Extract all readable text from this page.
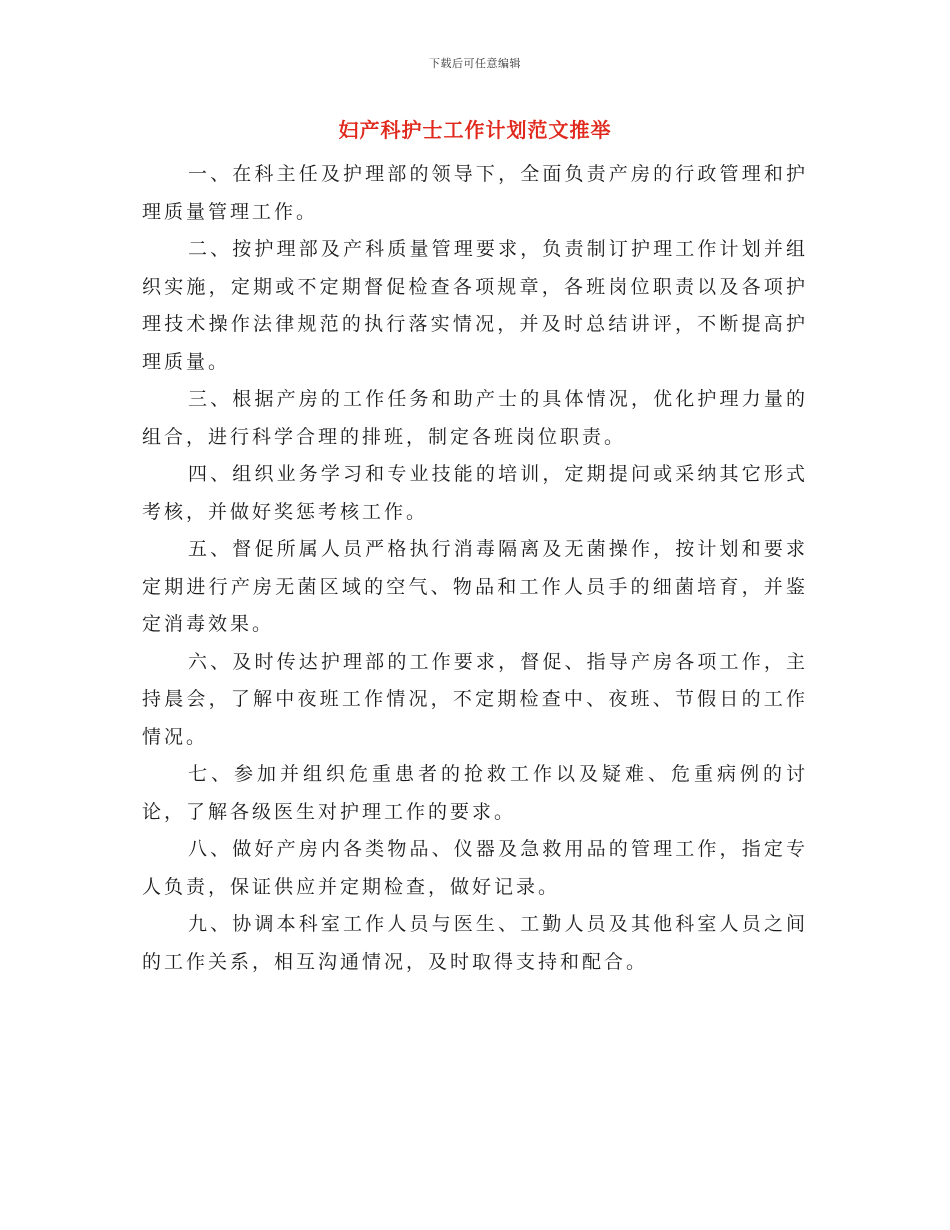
下载后可任意编辑
妇产科护士工作计划范文推举

一、在科主任及护理部的领导下，全面负责产房的行政管理和护理质量管理工作。

二、按护理部及产科质量管理要求，负责制订护理工作计划并组织实施，定期或不定期督促检查各项规章，各班岗位职责以及各项护理技术操作法律规范的执行落实情况，并及时总结讲评，不断提高护理质量。

三、根据产房的工作任务和助产士的具体情况，优化护理力量的组合，进行科学合理的排班，制定各班岗位职责。

四、组织业务学习和专业技能的培训，定期提问或采纳其它形式考核，并做好奖惩考核工作。

五、督促所属人员严格执行消毒隔离及无菌操作，按计划和要求定期进行产房无菌区域的空气、物品和工作人员手的细菌培育，并鉴定消毒效果。

六、及时传达护理部的工作要求，督促、指导产房各项工作，主持晨会，了解中夜班工作情况，不定期检查中、夜班、节假日的工作情况。

七、参加并组织危重患者的抢救工作以及疑难、危重病例的讨论，了解各级医生对护理工作的要求。

八、做好产房内各类物品、仪器及急救用品的管理工作，指定专人负责，保证供应并定期检查，做好记录。

九、协调本科室工作人员与医生、工勤人员及其他科室人员之间的工作关系，相互沟通情况，及时取得支持和配合。
